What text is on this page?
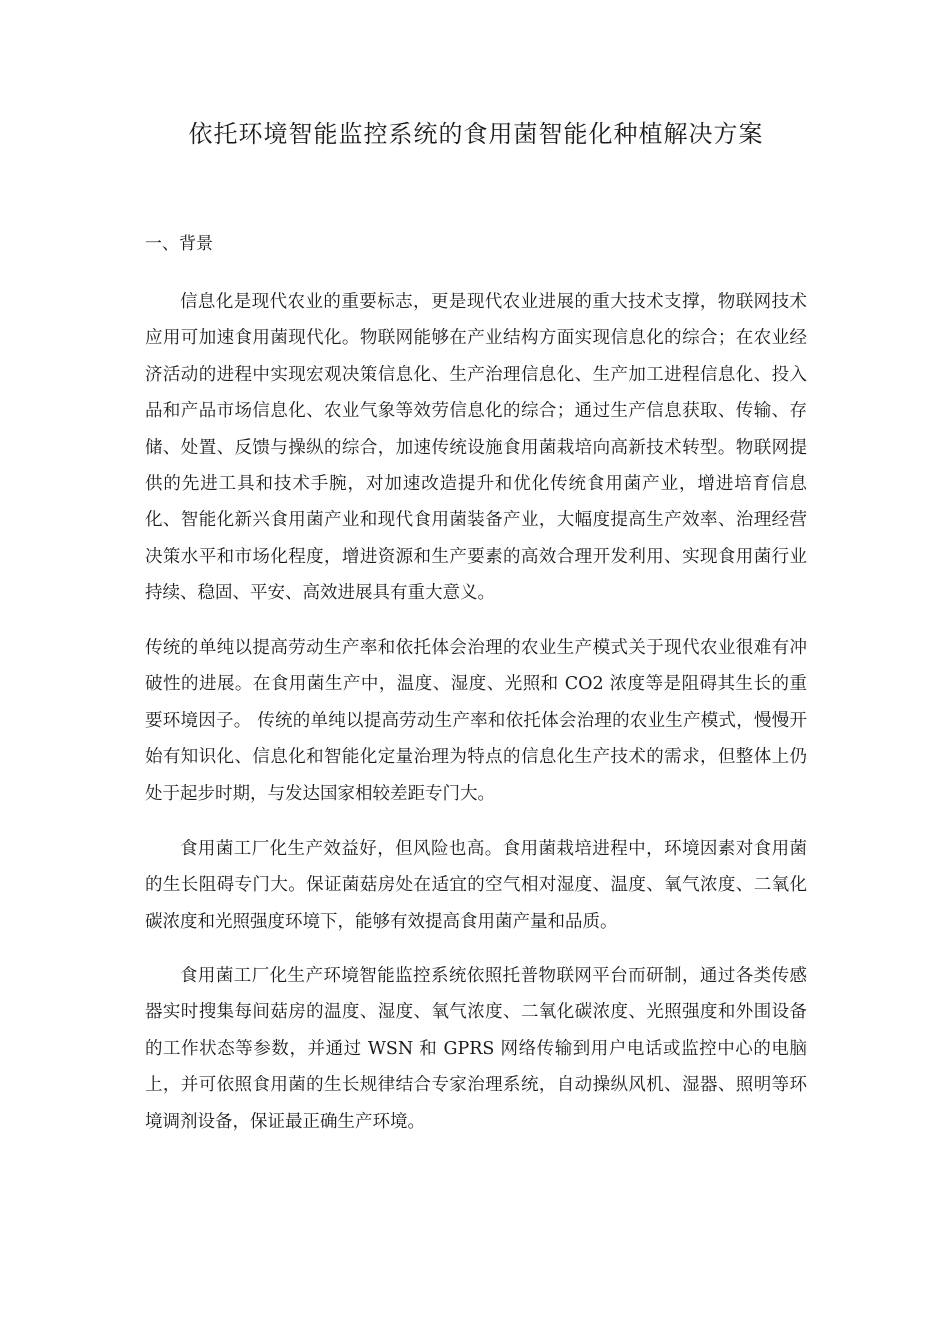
依托环境智能监控系统的食用菌智能化种植解决方案
一、背景

信息化是现代农业的重要标志，更是现代农业进展的重大技术支撑，物联网技术应用可加速食用菌现代化。物联网能够在产业结构方面实现信息化的综合；在农业经济活动的进程中实现宏观决策信息化、生产治理信息化、生产加工进程信息化、投入品和产品市场信息化、农业气象等效劳信息化的综合；通过生产信息获取、传输、存储、处置、反馈与操纵的综合，加速传统设施食用菌栽培向高新技术转型。物联网提供的先进工具和技术手腕，对加速改造提升和优化传统食用菌产业，增进培育信息化、智能化新兴食用菌产业和现代食用菌装备产业，大幅度提高生产效率、治理经营决策水平和市场化程度，增进资源和生产要素的高效合理开发利用、实现食用菌行业持续、稳固、平安、高效进展具有重大意义。

传统的单纯以提高劳动生产率和依托体会治理的农业生产模式关于现代农业很难有冲破性的进展。在食用菌生产中，温度、湿度、光照和 CO2 浓度等是阻碍其生长的重要环境因子。 传统的单纯以提高劳动生产率和依托体会治理的农业生产模式，慢慢开始有知识化、信息化和智能化定量治理为特点的信息化生产技术的需求，但整体上仍处于起步时期，与发达国家相较差距专门大。

食用菌工厂化生产效益好，但风险也高。食用菌栽培进程中，环境因素对食用菌的生长阻碍专门大。保证菌菇房处在适宜的空气相对湿度、温度、氧气浓度、二氧化碳浓度和光照强度环境下，能够有效提高食用菌产量和品质。

食用菌工厂化生产环境智能监控系统依照托普物联网平台而研制，通过各类传感器实时搜集每间菇房的温度、湿度、氧气浓度、二氧化碳浓度、光照强度和外围设备的工作状态等参数，并通过 WSN 和 GPRS 网络传输到用户电话或监控中心的电脑上，并可依照食用菌的生长规律结合专家治理系统，自动操纵风机、湿器、照明等环境调剂设备，保证最正确生产环境。
